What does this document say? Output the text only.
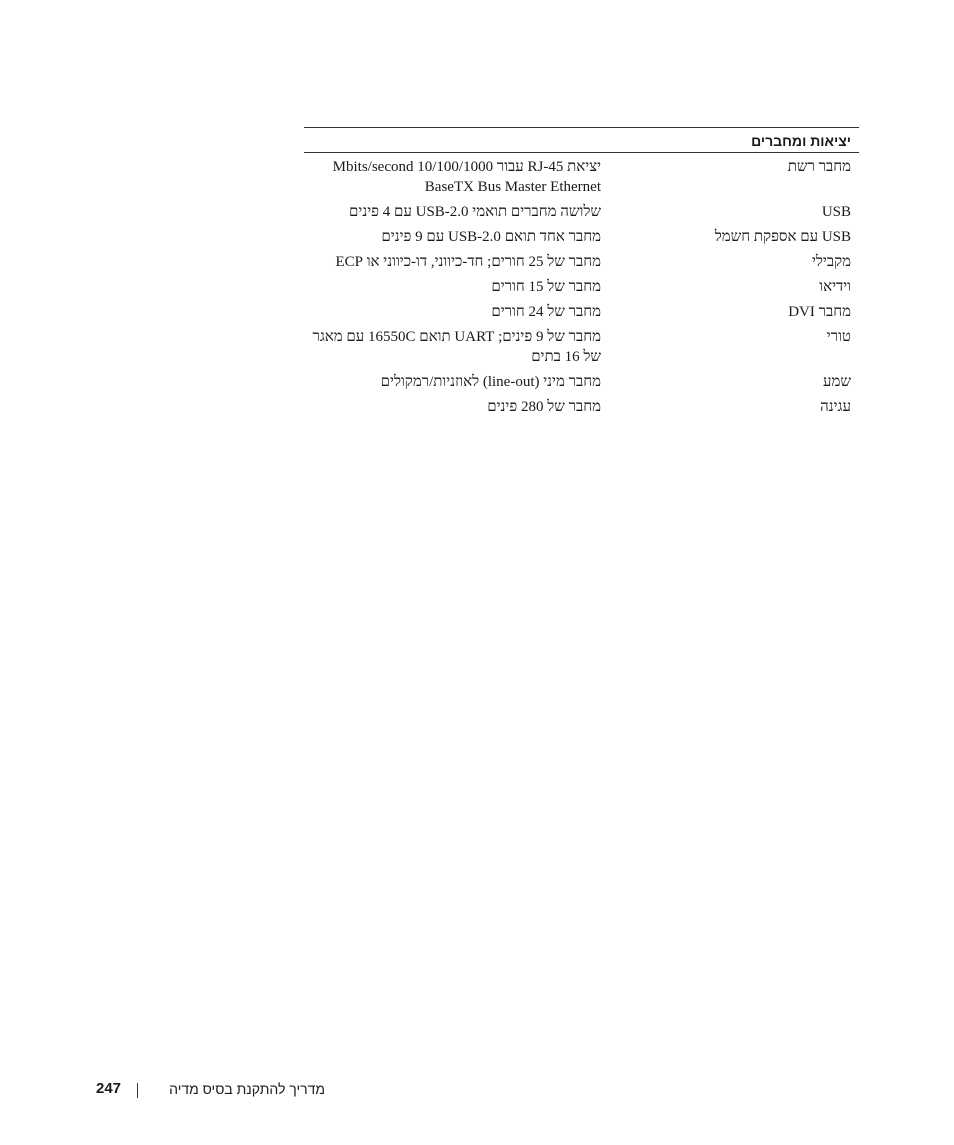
יציאות ומחברים
מחבר רשת
יציאת RJ-45 עבור 10/100/1000 Mbits/second
BaseTX Bus Master Ethernet
USB
שלושה מחברים תואמי USB-2.0 עם 4 פינים
USB עם אספקת חשמל
מחבר אחד תואם USB-2.0 עם 9 פינים
מקבילי
מחבר של 25 חורים; חד-כיווני, דו-כיווני או ECP
וידיאו
מחבר של 15 חורים
מחבר DVI
מחבר של 24 חורים
טורי
מחבר של 9 פינים; UART תואם 16550C עם מאגר
של 16 בתים
שמע
מחבר מיני (line-out) לאוזניות/רמקולים
עגינה
מחבר של 280 פינים
247	מדריך להתקנת בסיס מדיה
